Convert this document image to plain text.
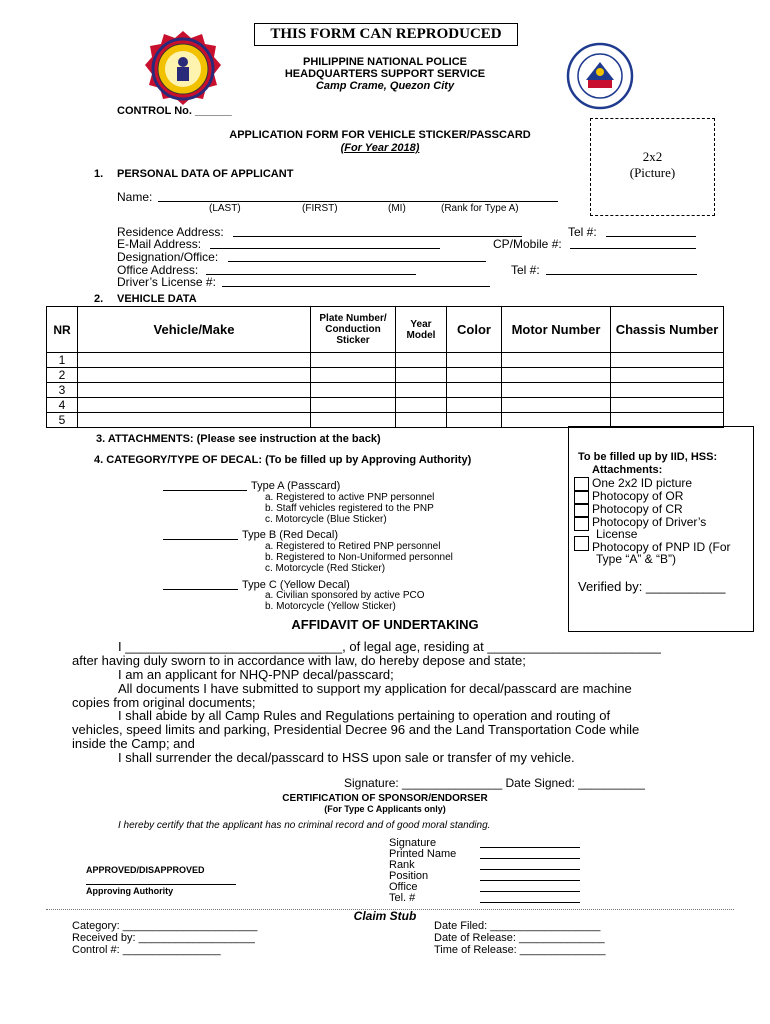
THIS FORM CAN REPRODUCED
PHILIPPINE NATIONAL POLICE
HEADQUARTERS SUPPORT SERVICE
Camp Crame, Quezon City
CONTROL No. ______
APPLICATION FORM FOR VEHICLE STICKER/PASSCARD
(For Year 2018)
2x2
(Picture)
1. PERSONAL DATA OF APPLICANT
Name:
(LAST)	(FIRST)	(MI)	(Rank for Type A)
Residence Address:	Tel #:
E-Mail Address:	CP/Mobile #:
Designation/Office:
Office Address:	Tel #:
Driver’s License #:
2. VEHICLE DATA
NR	Vehicle/Make	Plate Number/ Conduction Sticker	Year Model	Color	Motor Number	Chassis Number
1						
2						
3						
4						
5						
3. ATTACHMENTS: (Please see instruction at the back)
4. CATEGORY/TYPE OF DECAL: (To be filled up by Approving Authority)
Type A (Passcard)
a. Registered to active PNP personnel
b. Staff vehicles registered to the PNP
c. Motorcycle (Blue Sticker)
Type B (Red Decal)
a. Registered to Retired PNP personnel
b. Registered to Non-Uniformed personnel
c. Motorcycle (Red Sticker)
Type C (Yellow Decal)
a. Civilian sponsored by active PCO
b. Motorcycle (Yellow Sticker)
To be filled up by IID, HSS:
Attachments:
One 2x2 ID picture
Photocopy of OR
Photocopy of CR
Photocopy of Driver’s
License
Photocopy of PNP ID (For
Type “A” & “B”)
Verified by: ___________
AFFIDAVIT OF UNDERTAKING
I ______________________________, of legal age, residing at ________________________
after having duly sworn to in accordance with law, do hereby depose and state;
I am an applicant for NHQ-PNP decal/passcard;
All documents I have submitted to support my application for decal/passcard are machine
copies from original documents;
I shall abide by all Camp Rules and Regulations pertaining to operation and routing of
vehicles, speed limits and parking, Presidential Decree 96 and the Land Transportation Code while
inside the Camp; and
I shall surrender the decal/passcard to HSS upon sale or transfer of my vehicle.
Signature: _______________ Date Signed: __________
CERTIFICATION OF SPONSOR/ENDORSER
(For Type C Applicants only)
I hereby certify that the applicant has no criminal record and of good moral standing.
Signature
Printed Name
Rank
Position
Office
Tel. #
APPROVED/DISAPPROVED
Approving Authority
Claim Stub
Category: ______________________
Received by: ___________________
Control #: ________________
Date Filed: __________________
Date of Release: ______________
Time of Release: ______________
